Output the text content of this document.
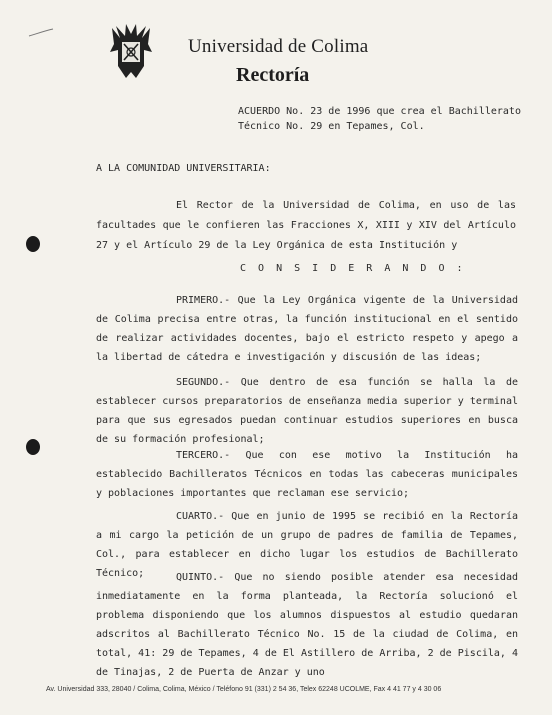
Universidad de Colima
Rectoría
ACUERDO No. 23 de 1996 que crea el Bachillerato
Técnico No. 29 en Tepames, Col.
A LA COMUNIDAD UNIVERSITARIA:
El Rector de la Universidad de Colima, en uso de las facultades que le confieren las Fracciones X, XIII y XIV del Artículo 27 y el Artículo 29 de la Ley Orgánica de esta Institución y
C O N S I D E R A N D O :
PRIMERO.- Que la Ley Orgánica vigente de la Universidad de Colima precisa entre otras, la función institucional en el sentido de realizar actividades docentes, bajo el estricto respeto y apego a la libertad de cátedra e investigación y discusión de las ideas;
SEGUNDO.- Que dentro de esa función se halla la de establecer cursos preparatorios de enseñanza media superior y terminal para que sus egresados puedan continuar estudios superiores en busca de su formación profesional;
TERCERO.- Que con ese motivo la Institución ha establecido Bachilleratos Técnicos en todas las cabeceras municipales y poblaciones importantes que reclaman ese servicio;
CUARTO.- Que en junio de 1995 se recibió en la Rectoría a mi cargo la petición de un grupo de padres de familia de Tepames, Col., para establecer en dicho lugar los estudios de Bachillerato Técnico;	QUINTO.- Que no siendo posible atender esa necesidad inmediatamente en la forma planteada, la Rectoría solucionó el problema disponiendo que los alumnos dispuestos al estudio quedaran adscritos al Bachillerato Técnico No. 15 de la ciudad de Colima, en total, 41: 29 de Tepames, 4 de El Astillero de Arriba, 2 de Piscila, 4 de Tinajas, 2 de Puerta de Anzar y uno
Av. Universidad 333, 28040 / Colima, Colima, México / Teléfono 91 (331) 2 54 36, Telex 62248 UCOLME, Fax 4 41 77 y 4 30 06
